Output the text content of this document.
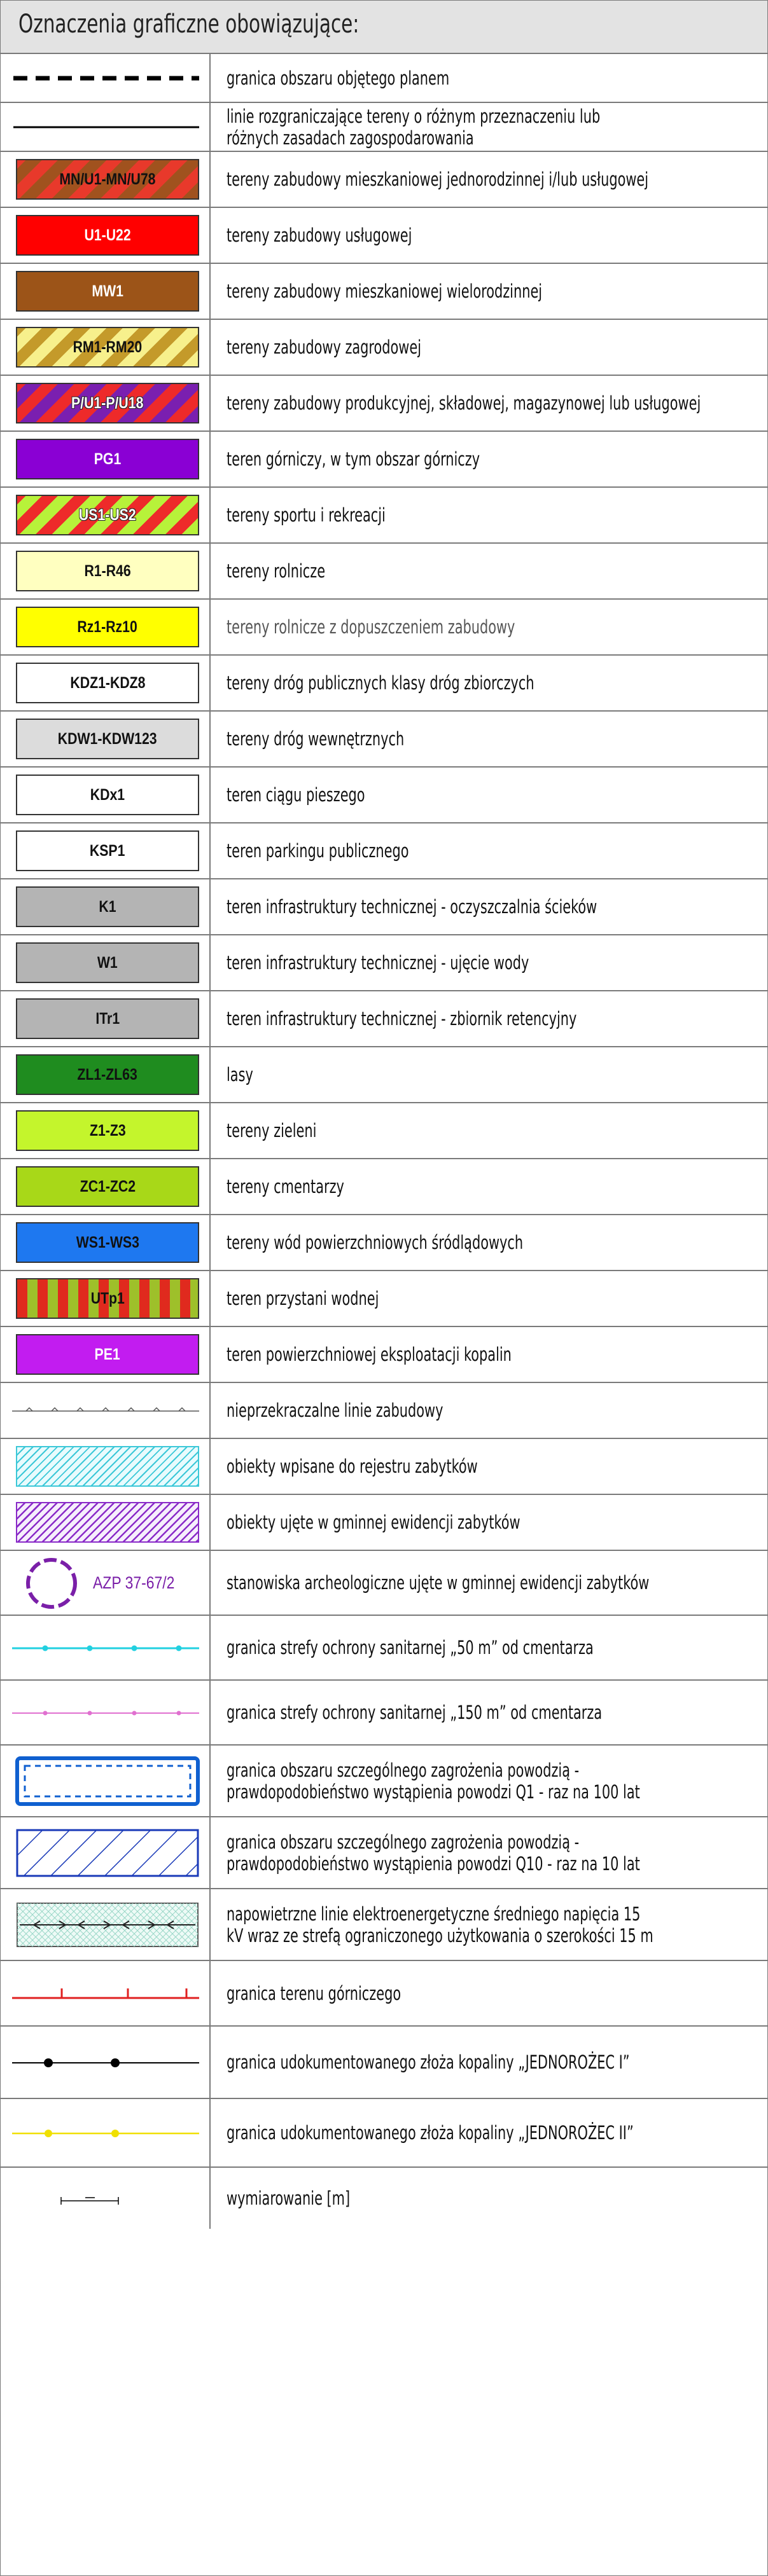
Oznaczenia graficzne obowiązujące:
granica obszaru objętego planem
linie rozgraniczające tereny o różnym przeznaczeniu lub różnych zasadach zagospodarowania
MN/U1-MN/U78	tereny zabudowy mieszkaniowej jednorodzinnej i/lub usługowej
U1-U22	tereny zabudowy usługowej
MW1	tereny zabudowy mieszkaniowej wielorodzinnej
RM1-RM20	tereny zabudowy zagrodowej
P/U1-P/U18	tereny zabudowy produkcyjnej, składowej, magazynowej lub usługowej
PG1	teren górniczy, w tym obszar górniczy
US1-US2	tereny sportu i rekreacji
R1-R46	tereny rolnicze
Rz1-Rz10	tereny rolnicze z dopuszczeniem zabudowy
KDZ1-KDZ8	tereny dróg publicznych klasy dróg zbiorczych
KDW1-KDW123	tereny dróg wewnętrznych
KDx1	teren ciągu pieszego
KSP1	teren parkingu publicznego
K1	teren infrastruktury technicznej - oczyszczalnia ścieków
W1	teren infrastruktury technicznej - ujęcie wody
ITr1	teren infrastruktury technicznej - zbiornik retencyjny
ZL1-ZL63	lasy
Z1-Z3	tereny zieleni
ZC1-ZC2	tereny cmentarzy
WS1-WS3	tereny wód powierzchniowych śródlądowych
UTp1	teren przystani wodnej
PE1	teren powierzchniowej eksploatacji kopalin
nieprzekraczalne linie zabudowy
obiekty wpisane do rejestru zabytków
obiekty ujęte w gminnej ewidencji zabytków
AZP 37-67/2	stanowiska archeologiczne ujęte w gminnej ewidencji zabytków
granica strefy ochrony sanitarnej „50 m” od cmentarza
granica strefy ochrony sanitarnej „150 m” od cmentarza
granica obszaru szczególnego zagrożenia powodzią - prawdopodobieństwo wystąpienia powodzi Q1 - raz na 100 lat
granica obszaru szczególnego zagrożenia powodzią - prawdopodobieństwo wystąpienia powodzi Q10 - raz na 10 lat
napowietrzne linie elektroenergetyczne średniego napięcia 15 kV wraz ze strefą ograniczonego użytkowania o szerokości 15 m
granica terenu górniczego
granica udokumentowanego złoża kopaliny „JEDNOROŻEC I”
granica udokumentowanego złoża kopaliny „JEDNOROŻEC II”
wymiarowanie [m]
